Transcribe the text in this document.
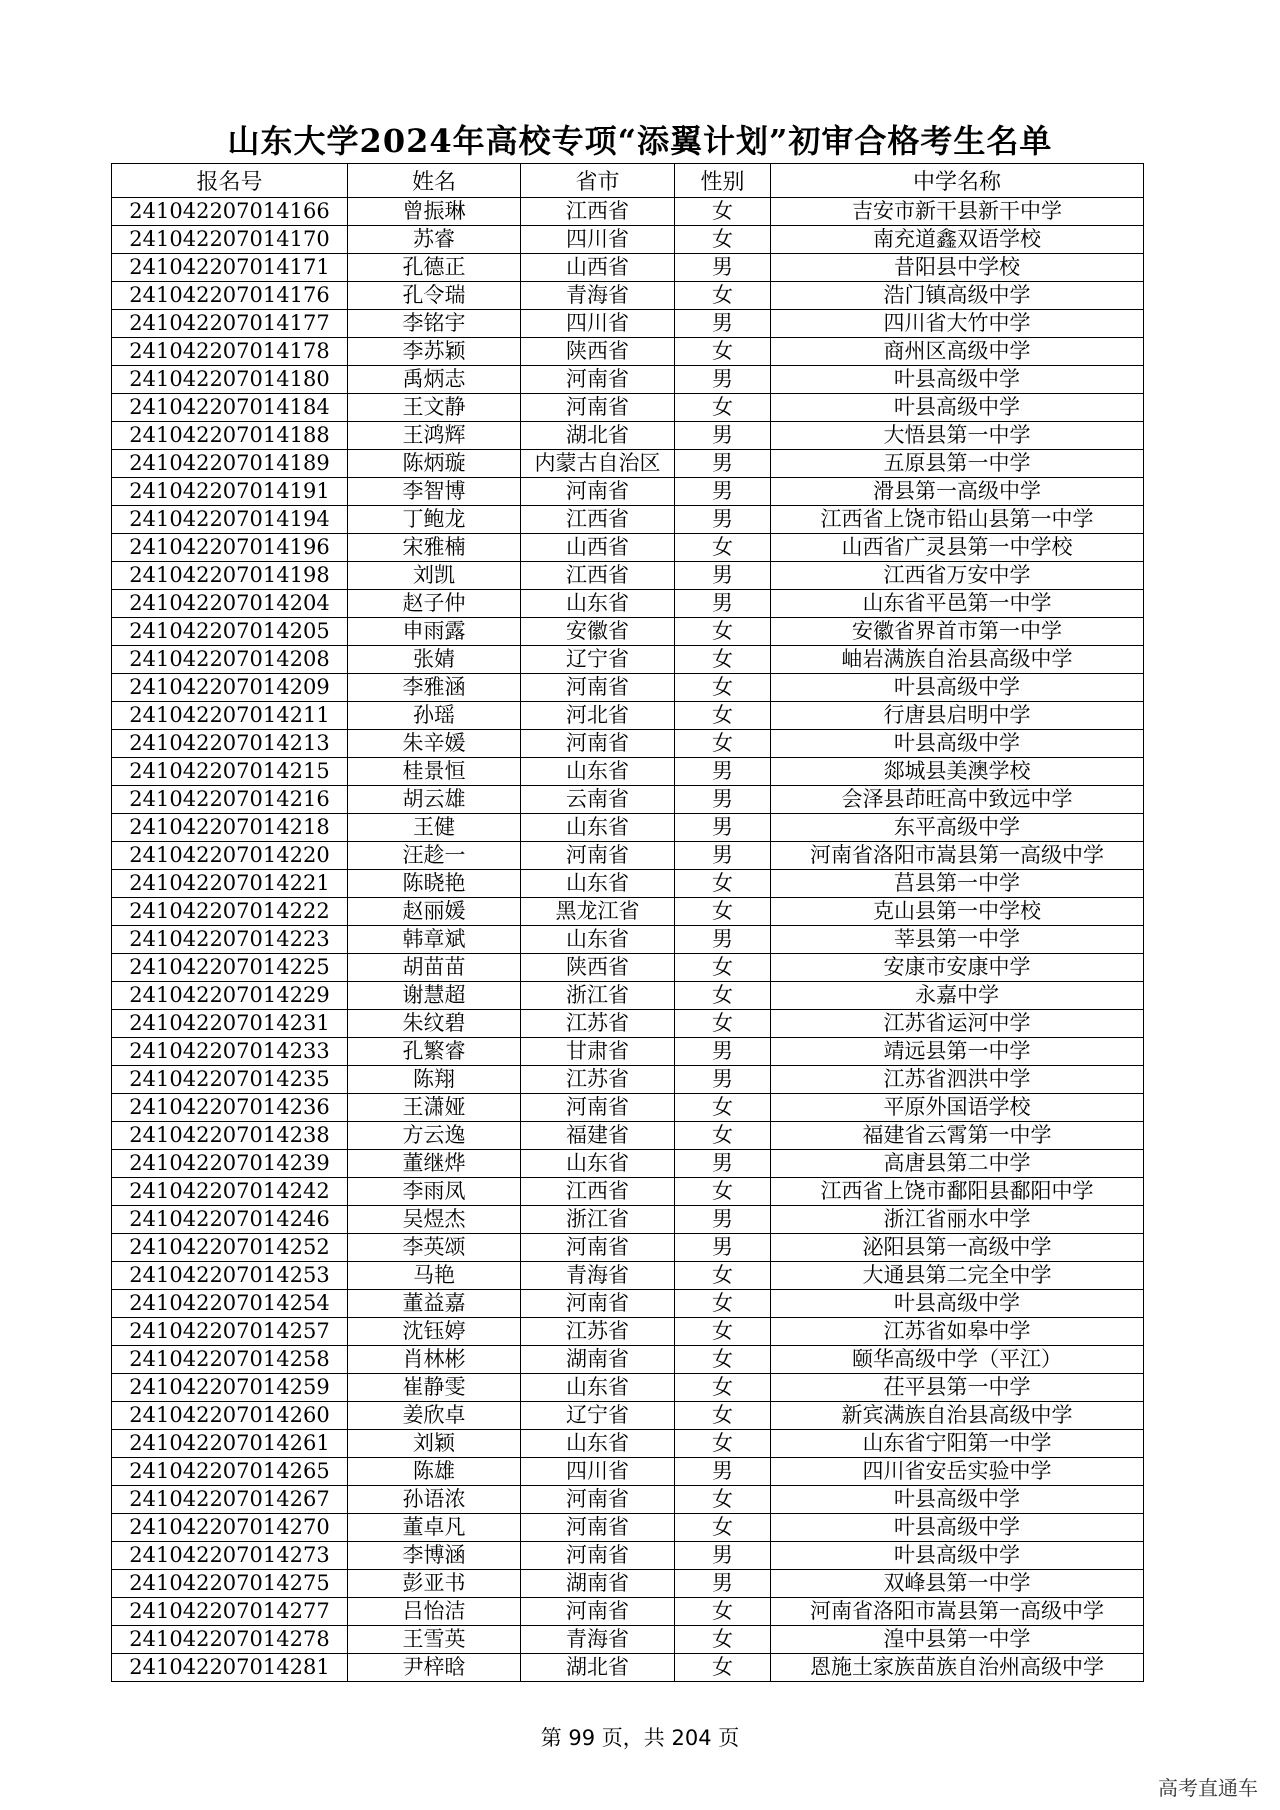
山东大学2024年高校专项“添翼计划”初审合格考生名单
报名号	姓名	省市	性别	中学名称
241042207014166	曾振琳	江西省	女	吉安市新干县新干中学
241042207014170	苏睿	四川省	女	南充道鑫双语学校
241042207014171	孔德正	山西省	男	昔阳县中学校
241042207014176	孔令瑞	青海省	女	浩门镇高级中学
241042207014177	李铭宇	四川省	男	四川省大竹中学
241042207014178	李苏颖	陕西省	女	商州区高级中学
241042207014180	禹炳志	河南省	男	叶县高级中学
241042207014184	王文静	河南省	女	叶县高级中学
241042207014188	王鸿辉	湖北省	男	大悟县第一中学
241042207014189	陈炳璇	内蒙古自治区	男	五原县第一中学
241042207014191	李智博	河南省	男	滑县第一高级中学
241042207014194	丁鲍龙	江西省	男	江西省上饶市铅山县第一中学
241042207014196	宋雅楠	山西省	女	山西省广灵县第一中学校
241042207014198	刘凯	江西省	男	江西省万安中学
241042207014204	赵子仲	山东省	男	山东省平邑第一中学
241042207014205	申雨露	安徽省	女	安徽省界首市第一中学
241042207014208	张婧	辽宁省	女	岫岩满族自治县高级中学
241042207014209	李雅涵	河南省	女	叶县高级中学
241042207014211	孙瑶	河北省	女	行唐县启明中学
241042207014213	朱辛媛	河南省	女	叶县高级中学
241042207014215	桂景恒	山东省	男	郯城县美澳学校
241042207014216	胡云雄	云南省	男	会泽县茚旺高中致远中学
241042207014218	王健	山东省	男	东平高级中学
241042207014220	汪趁一	河南省	男	河南省洛阳市嵩县第一高级中学
241042207014221	陈晓艳	山东省	女	莒县第一中学
241042207014222	赵丽媛	黑龙江省	女	克山县第一中学校
241042207014223	韩章斌	山东省	男	莘县第一中学
241042207014225	胡苗苗	陕西省	女	安康市安康中学
241042207014229	谢慧超	浙江省	女	永嘉中学
241042207014231	朱纹碧	江苏省	女	江苏省运河中学
241042207014233	孔繁睿	甘肃省	男	靖远县第一中学
241042207014235	陈翔	江苏省	男	江苏省泗洪中学
241042207014236	王潇娅	河南省	女	平原外国语学校
241042207014238	方云逸	福建省	女	福建省云霄第一中学
241042207014239	董继烨	山东省	男	高唐县第二中学
241042207014242	李雨凤	江西省	女	江西省上饶市鄱阳县鄱阳中学
241042207014246	吴煜杰	浙江省	男	浙江省丽水中学
241042207014252	李英颂	河南省	男	泌阳县第一高级中学
241042207014253	马艳	青海省	女	大通县第二完全中学
241042207014254	董益嘉	河南省	女	叶县高级中学
241042207014257	沈钰婷	江苏省	女	江苏省如皋中学
241042207014258	肖林彬	湖南省	女	颐华高级中学（平江）
241042207014259	崔静雯	山东省	女	茌平县第一中学
241042207014260	姜欣卓	辽宁省	女	新宾满族自治县高级中学
241042207014261	刘颖	山东省	女	山东省宁阳第一中学
241042207014265	陈雄	四川省	男	四川省安岳实验中学
241042207014267	孙语浓	河南省	女	叶县高级中学
241042207014270	董卓凡	河南省	女	叶县高级中学
241042207014273	李博涵	河南省	男	叶县高级中学
241042207014275	彭亚书	湖南省	男	双峰县第一中学
241042207014277	吕怡洁	河南省	女	河南省洛阳市嵩县第一高级中学
241042207014278	王雪英	青海省	女	湟中县第一中学
241042207014281	尹梓晗	湖北省	女	恩施土家族苗族自治州高级中学
第 99 页，共 204 页
高考直通车
